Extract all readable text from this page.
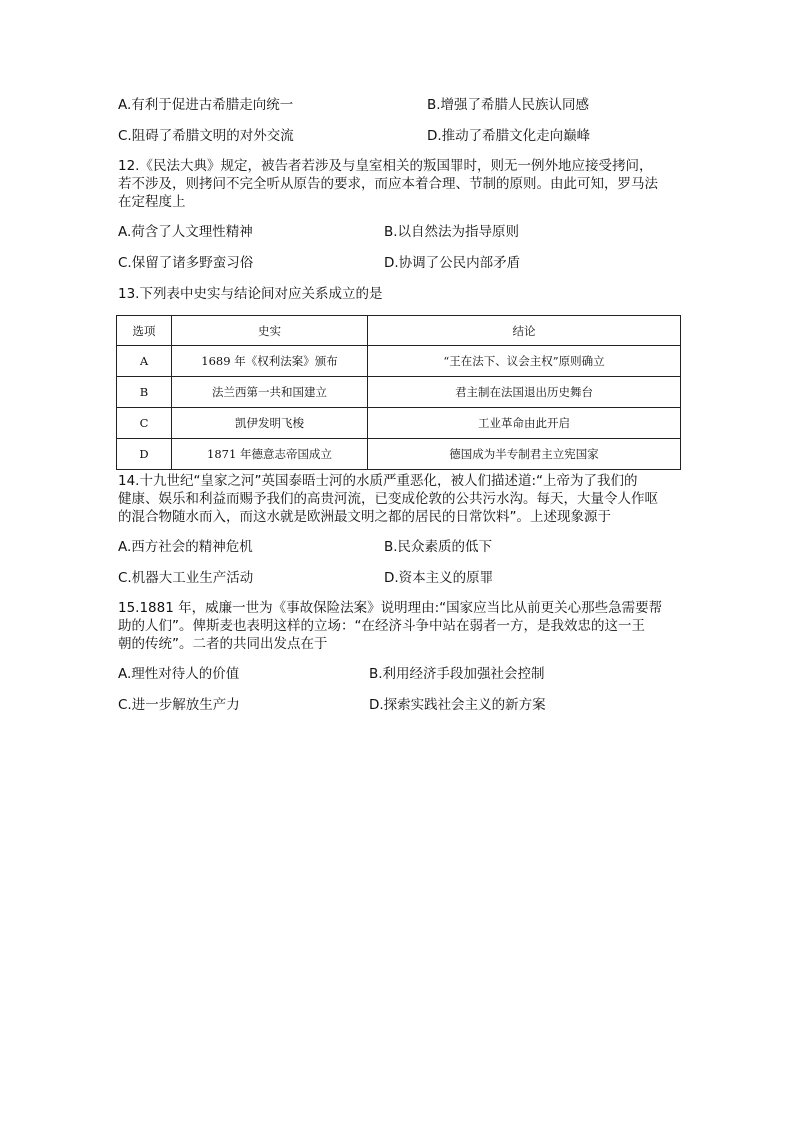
A.有利于促进古希腊走向统一	B.增强了希腊人民族认同感
C.阻碍了希腊文明的对外交流	D.推动了希腊文化走向巅峰
12.《民法大典》规定，被告者若涉及与皇室相关的叛国罪时，则无一例外地应接受拷问，
若不涉及，则拷问不完全听从原告的要求，而应本着合理、节制的原则。由此可知，罗马法
在定程度上
A.荷含了人文理性精神	B.以自然法为指导原则
C.保留了诸多野蛮习俗	D.协调了公民内部矛盾
13.下列表中史实与结论间对应关系成立的是
选项	史实	结论
A	1689 年《权利法案》颁布	“王在法下、议会主权”原则确立
B	法兰西第一共和国建立	君主制在法国退出历史舞台
C	凯伊发明飞梭	工业革命由此开启
D	1871 年德意志帝国成立	德国成为半专制君主立宪国家
14.十九世纪“皇家之河”英国泰晤士河的水质严重恶化，被人们描述道:“上帝为了我们的
健康、娱乐和利益而赐予我们的高贵河流，已变成伦敦的公共污水沟。每天，大量令人作呕
的混合物随水而入，而这水就是欧洲最文明之都的居民的日常饮料”。上述现象源于
A.西方社会的精神危机	B.民众素质的低下
C.机器大工业生产活动	D.资本主义的原罪
15.1881 年，威廉一世为《事故保险法案》说明理由:“国家应当比从前更关心那些急需要帮
助的人们”。俾斯麦也表明这样的立场：“在经济斗争中站在弱者一方，是我效忠的这一王
朝的传统”。二者的共同出发点在于
A.理性对待人的价值	B.利用经济手段加强社会控制
C.进一步解放生产力	D.探索实践社会主义的新方案
